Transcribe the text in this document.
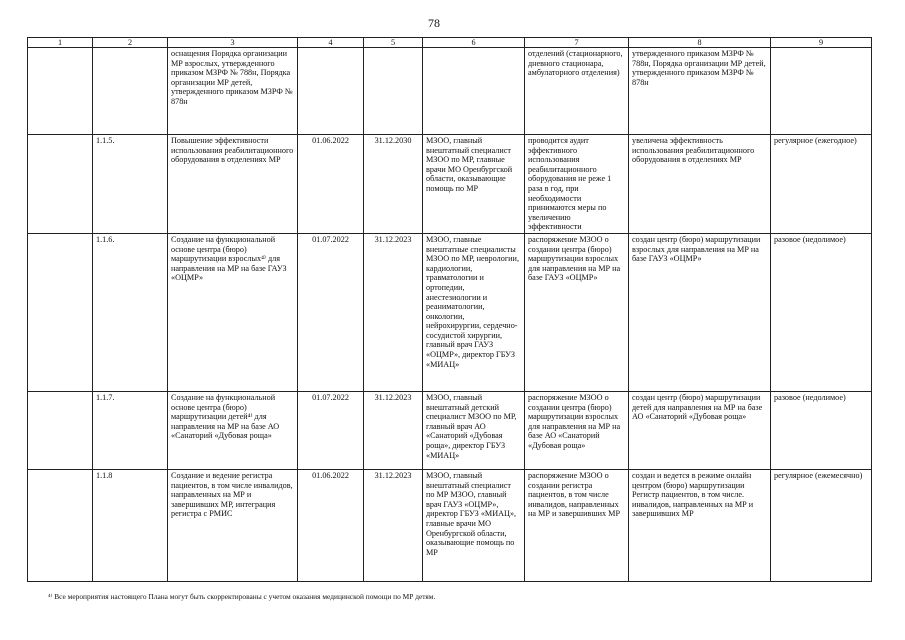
78
1	2	3	4	5	6	7	8	9
		оснащения Порядка организации МР взрослых, утвержденного приказом МЗРФ № 788н, Порядка организации МР детей, утвержденного приказом МЗРФ № 878н				отделений (стационарного, дневного стационара, амбулаторного отделения)	утвержденного приказом МЗРФ № 788н, Порядка организации МР детей, утвержденного приказом МЗРФ № 878н	
	1.1.5.	Повышение эффективности использования реабилитационного оборудования в отделениях МР	01.06.2022	31.12.2030	МЗОО, главный внештатный специалист МЗОО по МР, главные врачи МО Оренбургской области, оказывающие помощь по МР	проводится аудит эффективного использования реабилитационного оборудования не реже 1 раза в год, при необходимости принимаются меры по увеличению эффективности	увеличена эффективность использования реабилитационного оборудования в отделениях МР	регулярное (ежегодное)
	1.1.6.	Создание на функциональной основе центра (бюро) маршрутизации взрослых⁴⁾ для направления на МР на базе ГАУЗ «ОЦМР»	01.07.2022	31.12.2023	МЗОО, главные внештатные специалисты МЗОО по МР, неврологии, кардиологии, травматологии и ортопедии, анестезиологии и реаниматологии, онкологии, нейрохирургии, сердечно-сосудистой хирургии, главный врач ГАУЗ «ОЦМР», директор ГБУЗ «МИАЦ»	распоряжение МЗОО о создании центра (бюро) маршрутизации взрослых для направления на МР на базе ГАУЗ «ОЦМР»	создан центр (бюро) маршрутизации взрослых для направления на МР на базе ГАУЗ «ОЦМР»	разовое (недолимое)
	1.1.7.	Создание на функциональной основе центра (бюро) маршрутизации детей⁴⁾ для направления на МР на базе АО «Санаторий «Дубовая роща»	01.07.2022	31.12.2023	МЗОО, главный внештатный детский специалист МЗОО по МР, главный врач АО «Санаторий «Дубовая роща», директор ГБУЗ «МИАЦ»	распоряжение МЗОО о создании центра (бюро) маршрутизации взрослых для направления на МР на базе АО «Санаторий «Дубовая роща»	создан центр (бюро) маршрутизации детей для направления на МР на базе АО «Санаторий «Дубовая роща»	разовое (недолимое)
	1.1.8	Создание и ведение регистра пациентов, в том числе инвалидов, направленных на МР и завершивших МР, интеграция регистра с РМИС	01.06.2022	31.12.2023	МЗОО, главный внештатный специалист по МР МЗОО, главный врач ГАУЗ «ОЦМР», директор ГБУЗ «МИАЦ», главные врачи МО Оренбургской области, оказывающие помощь по МР	распоряжение МЗОО о создании регистра пациентов, в том числе инвалидов, направленных на МР и завершивших МР	создан и ведется в режиме онлайн центром (бюро) маршрутизации Регистр пациентов, в том числе. инвалидов, направленных на МР и завершивших МР	регулярное (ежемесячно)
⁴⁾ Все мероприятия настоящего Плана могут быть скорректированы с учетом оказания медицинской помощи по МР детям.
